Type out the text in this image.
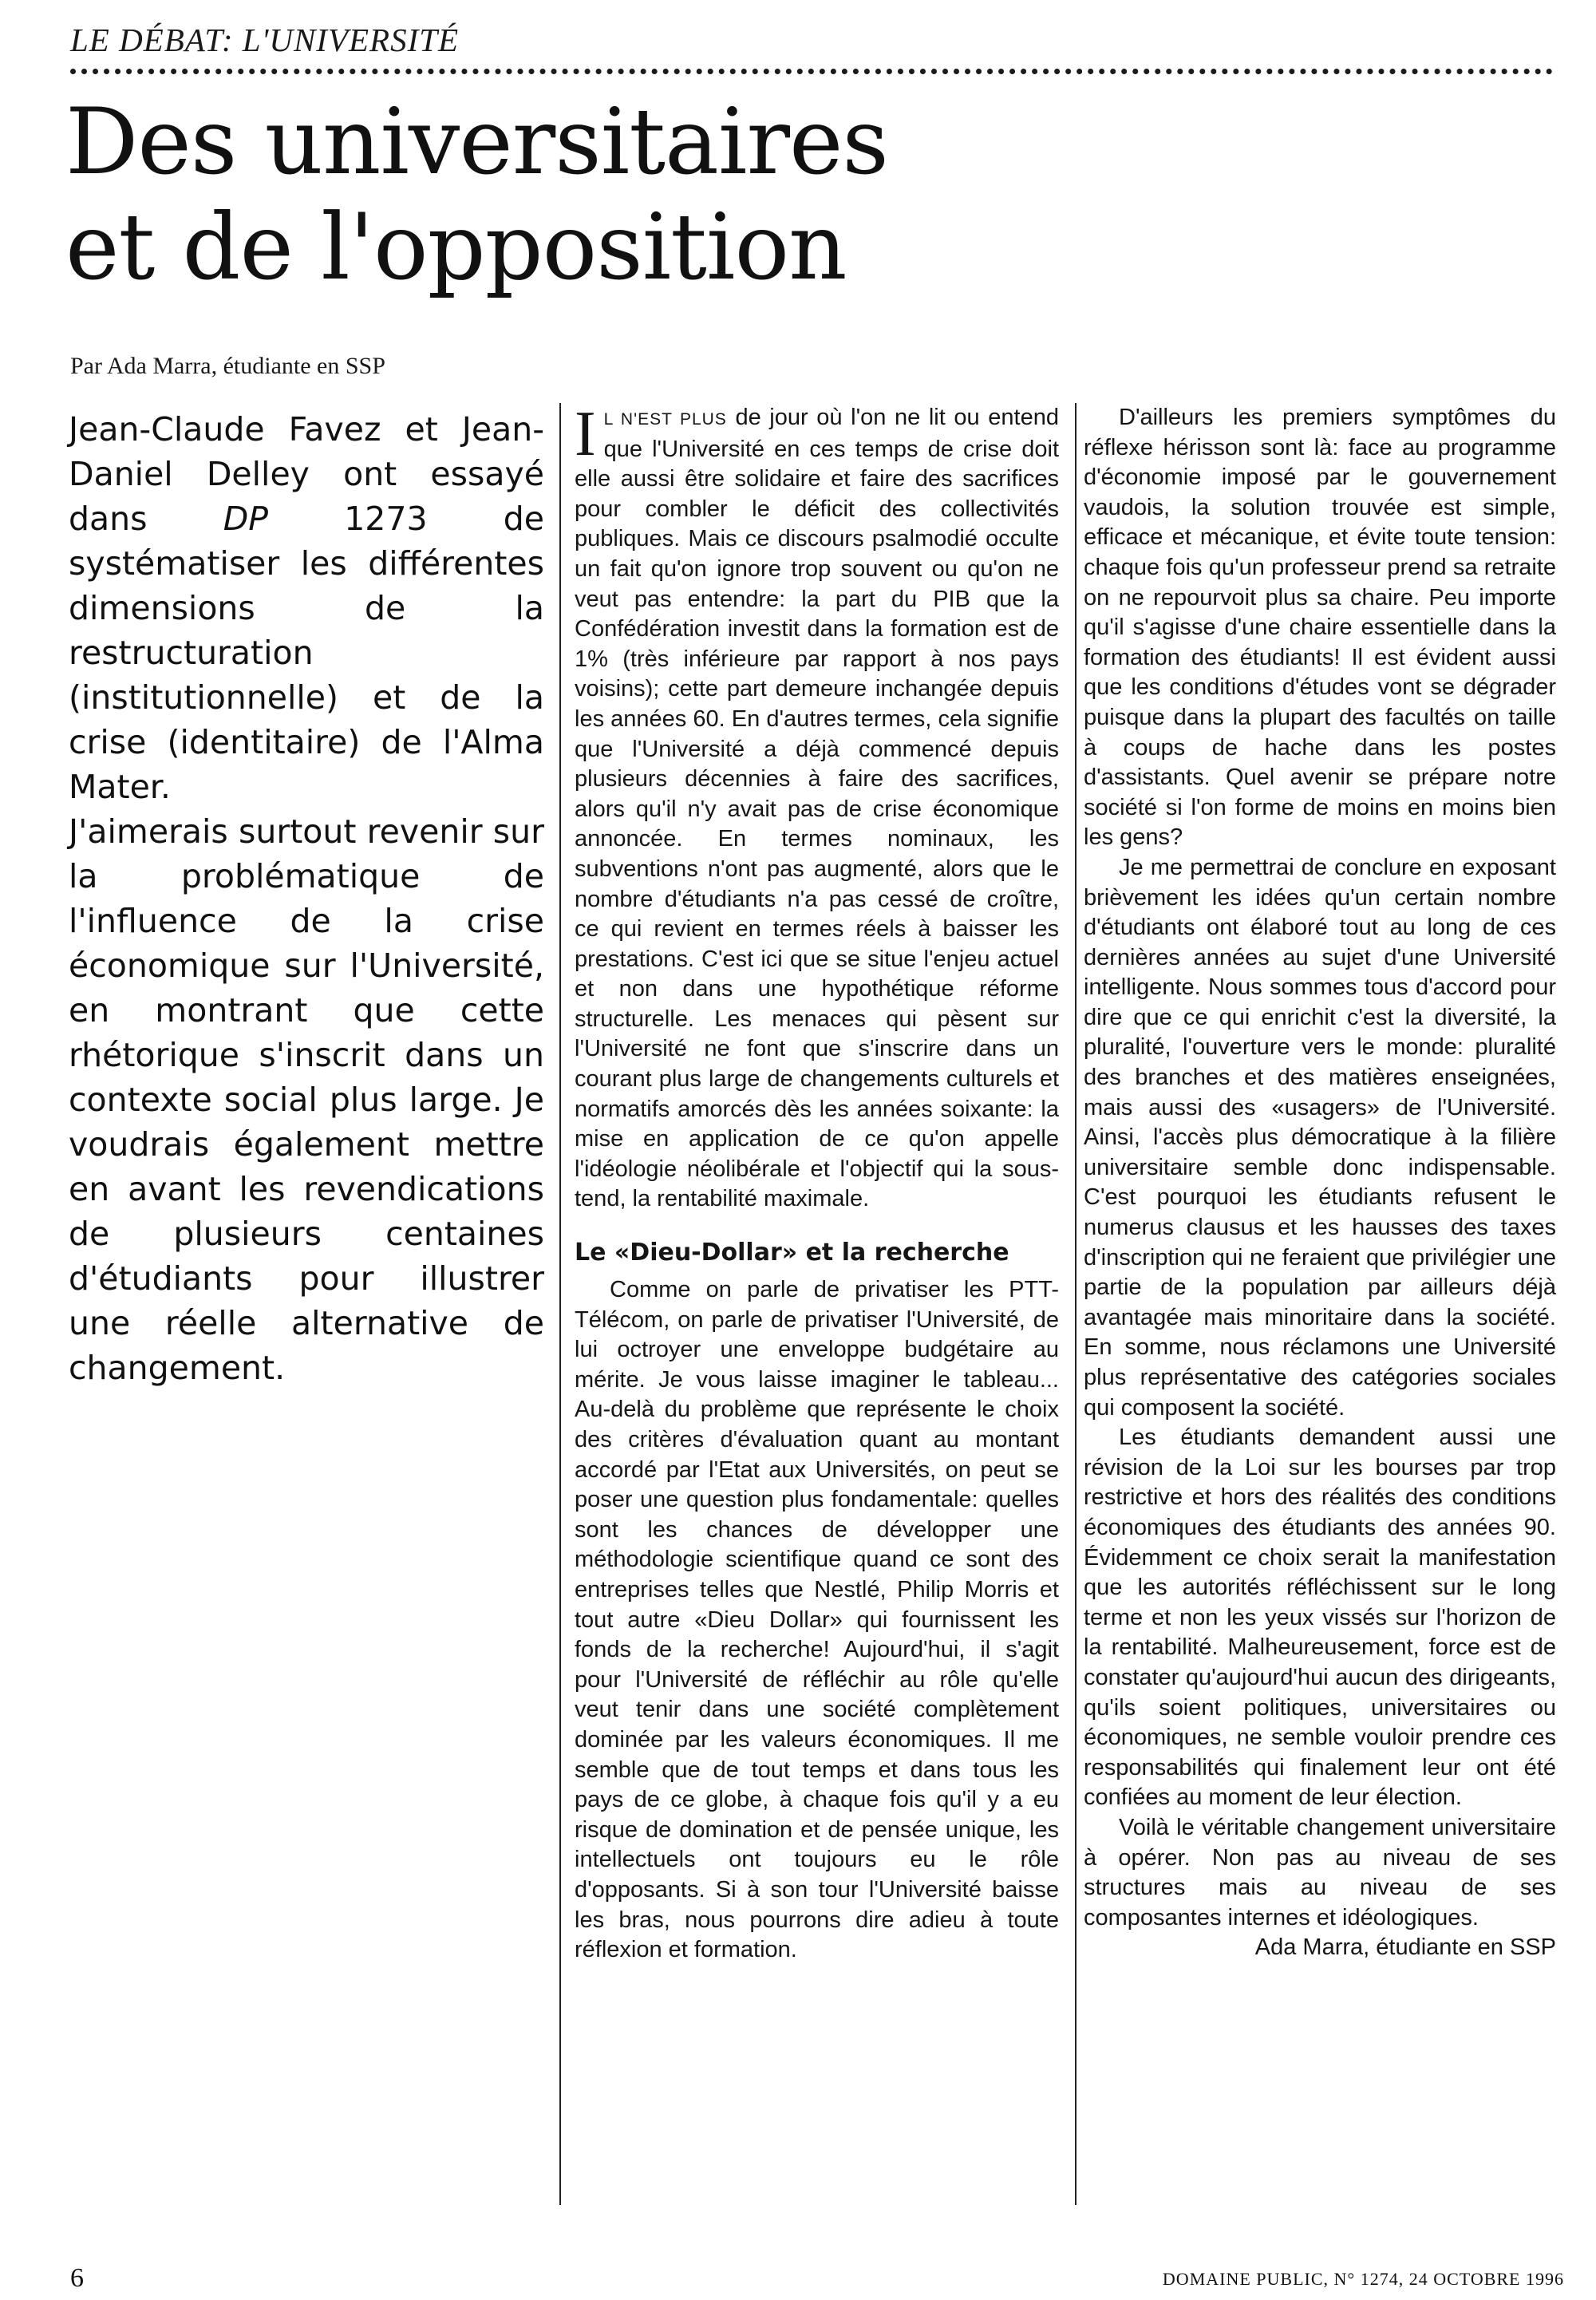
LE DÉBAT: L'UNIVERSITÉ
Des universitaires
et de l'opposition
Par Ada Marra, étudiante en SSP

Jean-Claude Favez et Jean-Daniel Delley ont essayé dans DP 1273 de systématiser les différentes dimensions de la restructuration (institutionnelle) et de la crise (identitaire) de l'Alma Mater.

J'aimerais surtout revenir sur la problématique de l'influence de la crise économique sur l'Université, en montrant que cette rhétorique s'inscrit dans un contexte social plus large. Je voudrais également mettre en avant les revendications de plusieurs centaines d'étudiants pour illustrer une réelle alternative de changement.

I L N'EST PLUS de jour où l'on ne lit ou entend que l'Université en ces temps de crise doit elle aussi être solidaire et faire des sacrifices pour combler le déficit des collectivités publiques. Mais ce discours psalmodié occulte un fait qu'on ignore trop souvent ou qu'on ne veut pas entendre: la part du PIB que la Confédération investit dans la formation est de 1% (très inférieure par rapport à nos pays voisins); cette part demeure inchangée depuis les années 60. En d'autres termes, cela signifie que l'Université a déjà commencé depuis plusieurs décennies à faire des sacrifices, alors qu'il n'y avait pas de crise économique annoncée. En termes nominaux, les subventions n'ont pas augmenté, alors que le nombre d'étudiants n'a pas cessé de croître, ce qui revient en termes réels à baisser les prestations. C'est ici que se situe l'enjeu actuel et non dans une hypothétique réforme structurelle. Les menaces qui pèsent sur l'Université ne font que s'inscrire dans un courant plus large de changements culturels et normatifs amorcés dès les années soixante: la mise en application de ce qu'on appelle l'idéologie néolibérale et l'objectif qui la sous-tend, la rentabilité maximale.

Le «Dieu-Dollar» et la recherche

Comme on parle de privatiser les PTT-Télécom, on parle de privatiser l'Université, de lui octroyer une enveloppe budgétaire au mérite. Je vous laisse imaginer le tableau... Au-delà du problème que représente le choix des critères d'évaluation quant au montant accordé par l'Etat aux Universités, on peut se poser une question plus fondamentale: quelles sont les chances de développer une méthodologie scientifique quand ce sont des entreprises telles que Nestlé, Philip Morris et tout autre «Dieu Dollar» qui fournissent les fonds de la recherche! Aujourd'hui, il s'agit pour l'Université de réfléchir au rôle qu'elle veut tenir dans une société complètement dominée par les valeurs économiques. Il me semble que de tout temps et dans tous les pays de ce globe, à chaque fois qu'il y a eu risque de domination et de pensée unique, les intellectuels ont toujours eu le rôle d'opposants. Si à son tour l'Université baisse les bras, nous pourrons dire adieu à toute réflexion et formation.

D'ailleurs les premiers symptômes du réflexe hérisson sont là: face au programme d'économie imposé par le gouvernement vaudois, la solution trouvée est simple, efficace et mécanique, et évite toute tension: chaque fois qu'un professeur prend sa retraite on ne repourvoit plus sa chaire. Peu importe qu'il s'agisse d'une chaire essentielle dans la formation des étudiants! Il est évident aussi que les conditions d'études vont se dégrader puisque dans la plupart des facultés on taille à coups de hache dans les postes d'assistants. Quel avenir se prépare notre société si l'on forme de moins en moins bien les gens?

Je me permettrai de conclure en exposant brièvement les idées qu'un certain nombre d'étudiants ont élaboré tout au long de ces dernières années au sujet d'une Université intelligente. Nous sommes tous d'accord pour dire que ce qui enrichit c'est la diversité, la pluralité, l'ouverture vers le monde: pluralité des branches et des matières enseignées, mais aussi des «usagers» de l'Université. Ainsi, l'accès plus démocratique à la filière universitaire semble donc indispensable. C'est pourquoi les étudiants refusent le numerus clausus et les hausses des taxes d'inscription qui ne feraient que privilégier une partie de la population par ailleurs déjà avantagée mais minoritaire dans la société. En somme, nous réclamons une Université plus représentative des catégories sociales qui composent la société.

Les étudiants demandent aussi une révision de la Loi sur les bourses par trop restrictive et hors des réalités des conditions économiques des étudiants des années 90. Évidemment ce choix serait la manifestation que les autorités réfléchissent sur le long terme et non les yeux vissés sur l'horizon de la rentabilité. Malheureusement, force est de constater qu'aujourd'hui aucun des dirigeants, qu'ils soient politiques, universitaires ou économiques, ne semble vouloir prendre ces responsabilités qui finalement leur ont été confiées au moment de leur élection.

Voilà le véritable changement universitaire à opérer. Non pas au niveau de ses structures mais au niveau de ses composantes internes et idéologiques.

Ada Marra, étudiante en SSP

6	DOMAINE PUBLIC, N° 1274, 24 OCTOBRE 1996
